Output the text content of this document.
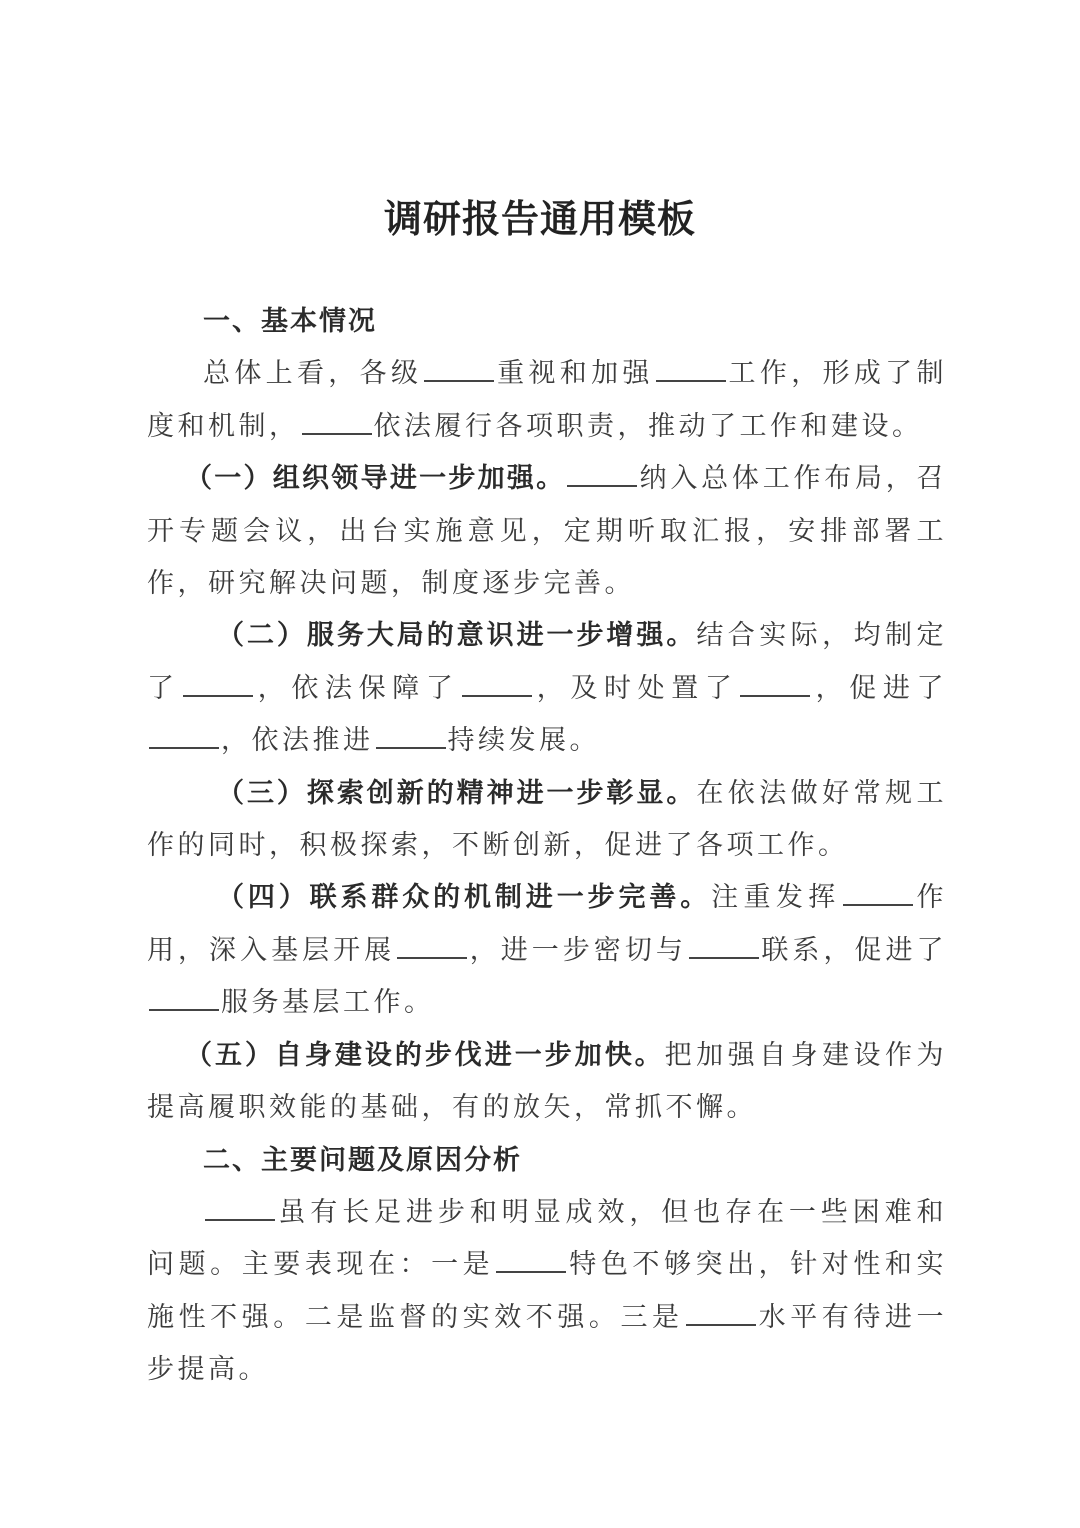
调研报告通用模板

一、基本情况

总体上看，各级	重视和加强	工作，形成了制度和机制，	依法履行各项职责，推动了工作和建设。

（一）组织领导进一步加强。	纳入总体工作布局，召开专题会议，出台实施意见，定期听取汇报，安排部署工作，研究解决问题，制度逐步完善。

（二）服务大局的意识进一步增强。结合实际，均制定了	，依法保障了	，及时处置了	，促进了，依法推进	持续发展。

（三）探索创新的精神进一步彰显。在依法做好常规工作的同时，积极探索，不断创新，促进了各项工作。

（四）联系群众的机制进一步完善。注重发挥	作用，深入基层开展	，进一步密切与	联系，促进了服务基层工作。

（五）自身建设的步伐进一步加快。把加强自身建设作为提高履职效能的基础，有的放矢，常抓不懈。

二、主要问题及原因分析

虽有长足进步和明显成效，但也存在一些困难和问题。主要表现在：一是	特色不够突出，针对性和实施性不强。二是监督的实效不强。三是	水平有待进一步提高。
